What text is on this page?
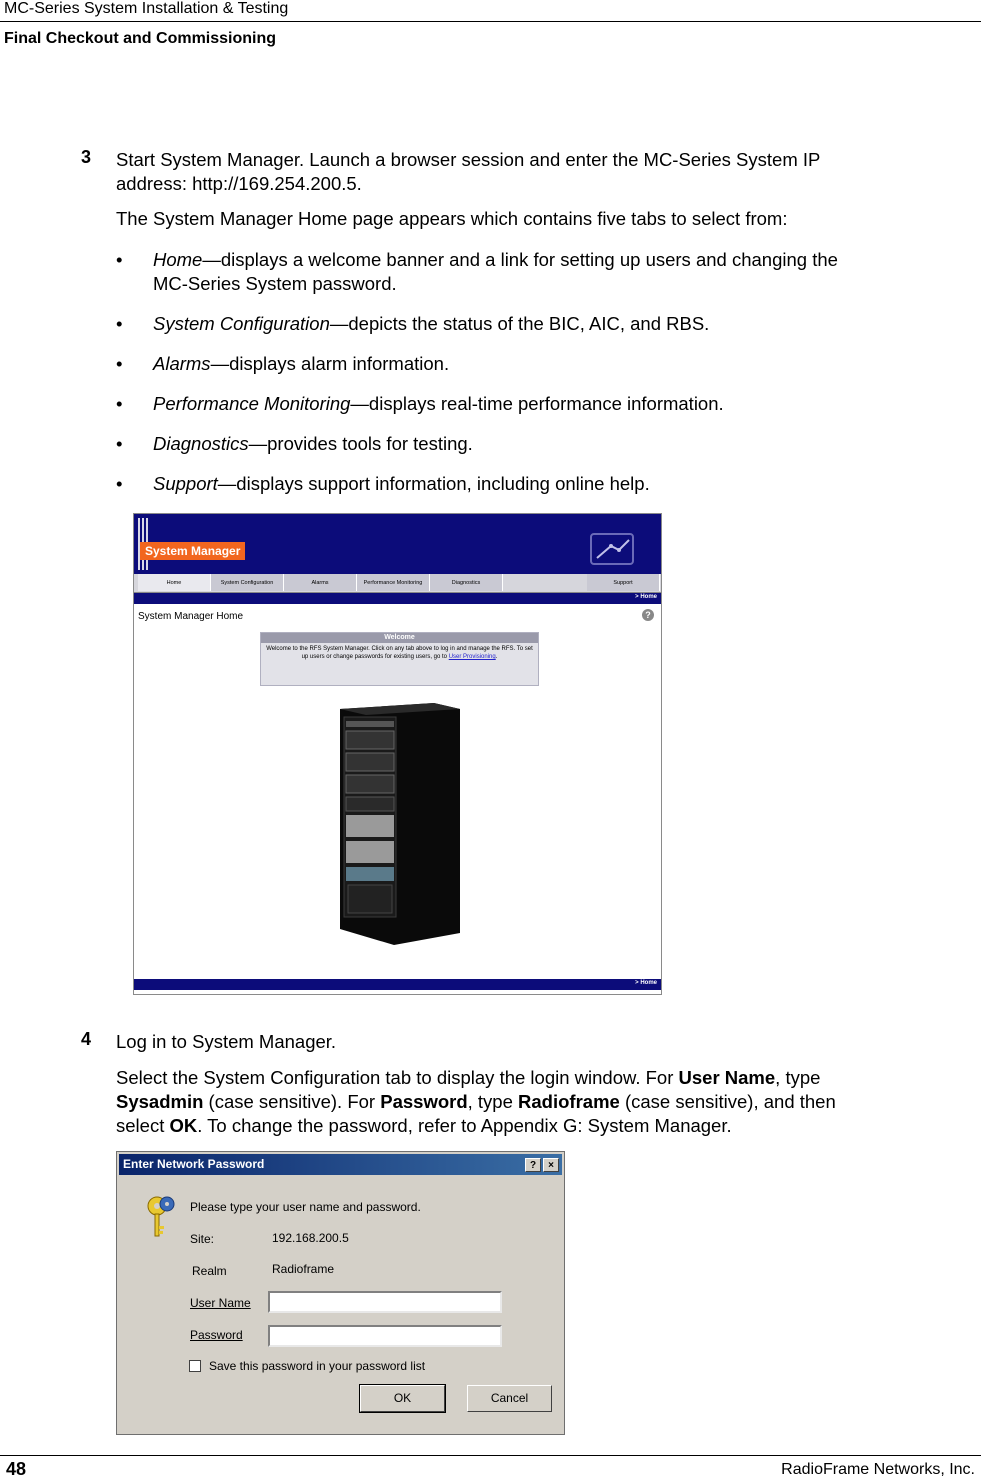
MC-Series System Installation & Testing
Final Checkout and Commissioning
3 Start System Manager. Launch a browser session and enter the MC-Series System IP
address: http://169.254.200.5.
The System Manager Home page appears which contains five tabs to select from:
• Home—displays a welcome banner and a link for setting up users and changing the
MC-Series System password.
• System Configuration—depicts the status of the BIC, AIC, and RBS.
• Alarms—displays alarm information.
• Performance Monitoring—displays real-time performance information.
• Diagnostics—provides tools for testing.
• Support—displays support information, including online help.
System Manager
Home	System Configuration	Alarms	Performance Monitoring	Diagnostics	Support
> Home
System Manager Home	?
Welcome
Welcome to the RFS System Manager. Click on any tab above to log in and manage the RFS. To set up users or change passwords for existing users, go to User Provisioning.
> Home
4 Log in to System Manager.
Select the System Configuration tab to display the login window. For User Name, type
Sysadmin (case sensitive). For Password, type Radioframe (case sensitive), and then
select OK. To change the password, refer to Appendix G: System Manager.
Enter Network Password	?	×
Please type your user name and password.
Site:	192.168.200.5
Realm	Radioframe
User Name
Password
Save this password in your password list
OK	Cancel
48	RadioFrame Networks, Inc.
